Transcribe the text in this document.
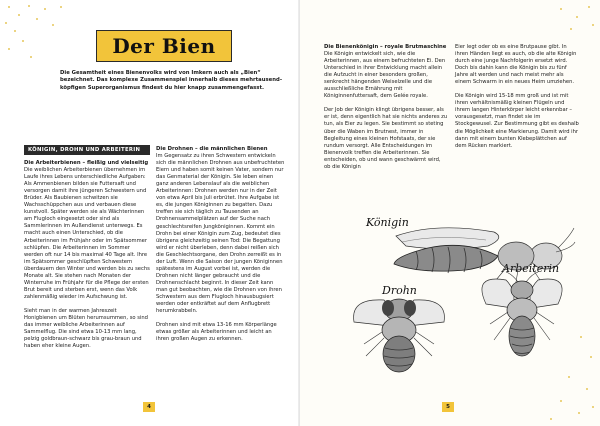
Der Bien
Die Gesamtheit eines Bienenvolks wird von Imkern auch als „Bien“ bezeichnet. Das komplexe Zusammenspiel innerhalb dieses mehrtausend-köpfigen Superorganismus findest du hier knapp zusammengefasst.
KÖNIGIN, DROHN UND ARBEITERIN
Die Arbeiterbienen – fleißig und vielseitig

Die weiblichen Arbeiterbienen übernehmen im Laufe ihres Lebens unterschiedliche Aufgaben: Als Ammenbienen bilden sie Futtersaft und versorgen damit ihre jüngeren Schwestern und Brüder. Als Baubienen schwitzen sie Wachsschüppchen aus und verbauen diese kunstvoll. Später werden sie als Wächterinnen am Flugloch eingesetzt oder sind als Sammlerinnen im Außendienst unterwegs. Es macht auch einen Unterschied, ob die Arbeiterinnen im Frühjahr oder im Spätsommer schlüpfen. Die Arbeiterinnen im Sommer werden oft nur 14 bis maximal 40 Tage alt. Ihre im Spätsommer geschlüpften Schwestern überdauern den Winter und werden bis zu sechs Monate alt. Sie stehen nach Monaten der Winterruhe im Frühjahr für die Pflege der ersten Brut bereit und sterben erst, wenn das Volk zahlenmäßig wieder im Aufschwung ist.

Sieht man in der warmen Jahreszeit Honigbienen um Blüten herumsummen, so sind das immer weibliche Arbeiterinnen auf Sammelflug. Die sind etwa 10-13 mm lang, pelzig goldbraun-schwarz bis grau-braun und haben eher kleine Augen.

Die Drohnen – die männlichen Bienen

Im Gegensatz zu ihren Schwestern entwickeln sich die männlichen Drohnen aus unbefruchteten Eiern und haben somit keinen Vater, sondern nur das Genmaterial der Königin. Sie leben einen ganz anderen Lebenslauf als die weiblichen Arbeiterinnen: Drohnen werden nur in der Zeit von etwa April bis Juli erbrütet. Ihre Aufgabe ist es, die jungen Königinnen zu begatten. Dazu treffen sie sich täglich zu Tausenden an Drohnensammelplätzen auf der Suche nach geschlechtsreifen Jungköniginnen. Kommt ein Drohn bei einer Königin zum Zug, bedeutet dies übrigens gleichzeitig seinen Tod: Die Begattung wird er nicht überleben, denn dabei reißen sich die Geschlechtsorgane, den Drohn zerreißt es in der Luft. Wenn die Saison der jungen Königinnen spätestens im August vorbei ist, werden die Drohnen nicht länger gebraucht und die Drohnenschlacht beginnt. In dieser Zeit kann man gut beobachten, wie die Drohnen von ihren Schwestern aus dem Flugloch hinausbugsiert werden oder entkräftet auf dem Anflugbrett herumkrabbeln.

Drohnen sind mit etwa 13-16 mm Körperlänge etwas größer als Arbeiterinnen und leicht an ihren großen Augen zu erkennen.

4
Die Bienenkönigin – royale Brutmaschine

Die Königin entwickelt sich, wie die Arbeiterinnen, aus einem befruchteten Ei. Den Unterschied in ihrer Entwicklung macht allein die Aufzucht in einer besonders großen, senkrecht hängenden Weiselzelle und die ausschließliche Ernährung mit Königinnenfuttersaft, dem Gelée royale.

Der Job der Königin klingt übrigens besser, als er ist, denn eigentlich hat sie nichts anderes zu tun, als Eier zu legen. Sie bestimmt so steting über die Waben im Brutnest, immer in Begleitung eines kleinen Hofstaats, der sie rundum versorgt. Alle Entscheidungen im Bienenvolk treffen die Arbeiterinnen. Sie entscheiden, ob und wann geschwärmt wird, ob die Königin

Eier legt oder ob es eine Brutpause gibt. In ihren Händen liegt es auch, ob die alte Königin durch eine junge Nachfolgerin ersetzt wird. Doch bis dahin kann die Königin bis zu fünf Jahre alt werden und nach meist mehr als einem Schwarm in ein neues Heim umziehen.

Die Königin wird 15-18 mm groß und ist mit ihren verhältnismäßig kleinen Flügeln und ihrem langen Hinterkörper leicht erkennbar – vorausgesetzt, man findet sie im Stockgewusel. Zur Bestimmung gibt es deshalb die Möglichkeit eine Markierung. Damit wird ihr dann mit einem bunten Klebeplättchen auf dem Rücken markiert.

Königin
Drohn
Arbeiterin
5
